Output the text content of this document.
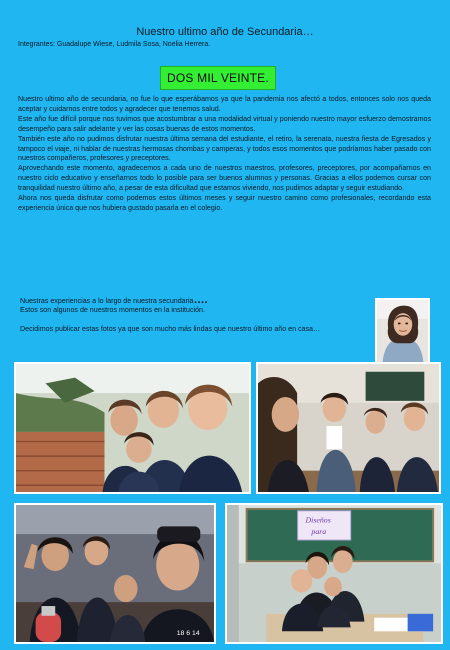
Nuestro ultimo año de Secundaria…
Integrantes: Guadalupe Wiese, Ludmila Sosa, Noelia Herrera.
DOS MIL VEINTE.

Nuestro ultimo año de secundaria, no fue lo que esperábamos ya que la pandemia nos afectó a todos, entonces solo nos queda aceptar y cuidarnos entre todos y agradecer que tenemos salud.

Este año fue difícil porque nos tuvimos que acostumbrar a una modalidad virtual y poniendo nuestro mayor esfuerzo demostramos desempeño para salir adelante y ver las cosas buenas de estos momentos.

También este año no pudimos disfrutar nuestra última semana del estudiante, el retiro, la serenata, nuestra fiesta de Egresados y tampoco el viaje, ni hablar de nuestras hermosas chombas y camperas, y todos esos momentos que podríamos haber pasado con nuestros compañeros, profesores y preceptores.

Aprovechando este momento, agradecemos a cada uno de nuestros maestros, profesores, preceptores, por acompañarnos en nuestro ciclo educativo y enseñarnos todo lo posible para ser buenos alumnos y personas. Gracias a ellos podemos cursar con tranquilidad nuestro último año, a pesar de esta dificultad que estamos viviendo, nos pudimos adaptar y seguir estudiando.

Ahora nos queda disfrutar como podemos estos últimos meses y seguir nuestro camino como profesionales, recordando esta experiencia única que nos hubiera gustado pasarla en el colegio.

Nuestras experiencias a lo largo de nuestra secundaria….

Estos son algunos de nuestros momentos en la institución.

Decidimos publicar estas fotos ya que son mucho más lindas que nuestro último año en casa…

18 6 14
Diseños
para
